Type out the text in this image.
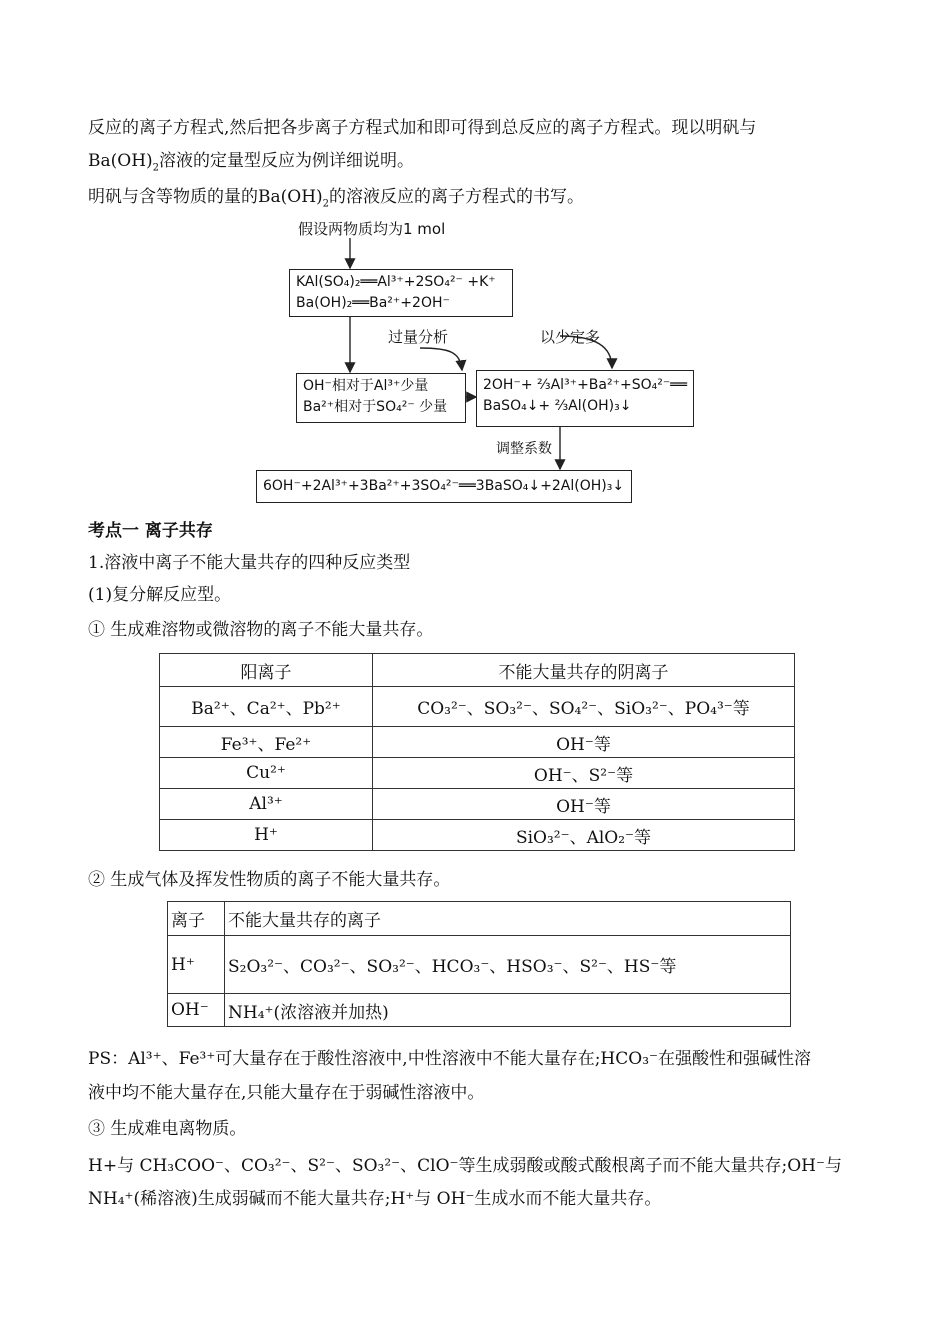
反应的离子方程式,然后把各步离子方程式加和即可得到总反应的离子方程式。现以明矾与
$Ba(OH)_2$溶液的定量型反应为例详细说明。
明矾与含等物质的量的$Ba(OH)_2$的溶液反应的离子方程式的书写。
假设两物质均为1 mol
KAl(SO₄)₂══Al³⁺+2SO₄²⁻ +K⁺
Ba(OH)₂══Ba²⁺+2OH⁻
过量分析	以少定多
OH⁻相对于Al³⁺少量
Ba²⁺相对于SO₄²⁻ 少量
2OH⁻+ ⅔Al³⁺+Ba²⁺+SO₄²⁻══
BaSO₄↓+ ⅔Al(OH)₃↓
调整系数
6OH⁻+2Al³⁺+3Ba²⁺+3SO₄²⁻══3BaSO₄↓+2Al(OH)₃↓
考点一 离子共存
1.溶液中离子不能大量共存的四种反应类型
(1)复分解反应型。
① 生成难溶物或微溶物的离子不能大量共存。
阳离子	不能大量共存的阴离子
Ba²⁺、Ca²⁺、Pb²⁺	CO₃²⁻、SO₃²⁻、SO₄²⁻、SiO₃²⁻、PO₄³⁻等
Fe³⁺、Fe²⁺	OH⁻等
Cu²⁺	OH⁻、S²⁻等
Al³⁺	OH⁻等
H⁺	SiO₃²⁻、AlO₂⁻等
② 生成气体及挥发性物质的离子不能大量共存。
离子	不能大量共存的离子
H⁺	S₂O₃²⁻、CO₃²⁻、SO₃²⁻、HCO₃⁻、HSO₃⁻、S²⁻、HS⁻等
OH⁻	NH₄⁺(浓溶液并加热)
PS：Al³⁺、Fe³⁺可大量存在于酸性溶液中,中性溶液中不能大量存在;HCO₃⁻在强酸性和强碱性溶
液中均不能大量存在,只能大量存在于弱碱性溶液中。
③ 生成难电离物质。
H+与 CH₃COO⁻、CO₃²⁻、S²⁻、SO₃²⁻、ClO⁻等生成弱酸或酸式酸根离子而不能大量共存;OH⁻与
NH₄⁺(稀溶液)生成弱碱而不能大量共存;H⁺与 OH⁻生成水而不能大量共存。
